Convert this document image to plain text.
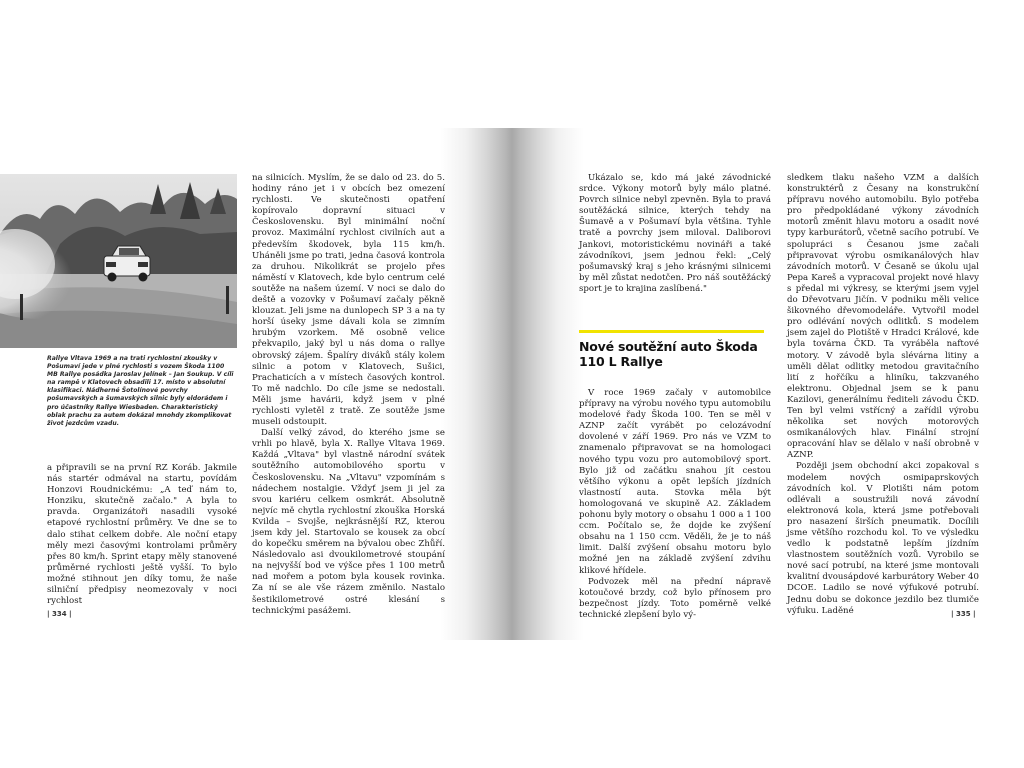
Rallye Vltava 1969 a na trati rychlostní zkoušky v Pošumaví jede v plné rychlosti s vozem Škoda 1100 MB Rallye posádka Jaroslav Jelínek – Jan Soukup. V cíli na rampě v Klatovech obsadili 17. místo v absolutní klasifikaci. Nádherné Šotolínové povrchy pošumavských a šumavských silnic byly eldorádem i pro účastníky Rallye Wiesbaden. Charakteristický oblak prachu za autem dokázal mnohdy zkomplikovat život jezdcům vzadu.

a připravili se na první RZ Koráb. Jakmile nás startér odmával na startu, povídám Honzovi Roudnickému: „A teď nám to, Honziku, skutečně začalo." A byla to pravda. Organizátoři nasadili vysoké etapové rychlostní průměry. Ve dne se to dalo stihat celkem dobře. Ale noční etapy měly mezi časovými kontrolami průměry přes 80 km/h. Sprint etapy měly stanovené průměrné rychlosti ještě vyšší. To bylo možné stihnout jen díky tomu, že naše silniční předpisy neomezovaly v noci rychlost

na silnicích. Myslím, že se dalo od 23. do 5. hodiny ráno jet i v obcích bez omezení rychlosti. Ve skutečnosti opatření kopírovalo dopravní situaci v Československu. Byl minimální noční provoz. Maximální rychlost civilních aut a především škodovek, byla 115 km/h. Uháněli jsme po trati, jedna časová kontrola za druhou. Nikolikrát se projelo přes náměstí v Klatovech, kde bylo centrum celé soutěže na našem území. V noci se dalo do deště a vozovky v Pošumaví začaly pěkně klouzat. Jeli jsme na dunlopech SP 3 a na ty horší úseky jsme dávali kola se zimním hrubým vzorkem. Mě osobně velice překvapilo, jaký byl u nás doma o rallye obrovský zájem. Špalíry diváků stály kolem silnic a potom v Klatovech, Sušici, Prachaticích a v místech časových kontrol. To mě nadchlo. Do cíle jsme se nedostali. Měli jsme havárii, když jsem v plné rychlosti vyletěl z tratě. Ze soutěže jsme museli odstoupit.

Další velký závod, do kterého jsme se vrhli po hlavě, byla X. Rallye Vltava 1969. Každá „Vltava" byl vlastně národní svátek soutěžního automobilového sportu v Československu. Na „Vltavu" vzpomínám s nádechem nostalgie. Vždyť jsem ji jel za svou kariéru celkem osmkrát. Absolutně nejvíc mě chytla rychlostní zkouška Horská Kvilda – Svojše, nejkrásnější RZ, kterou jsem kdy jel. Startovalo se kousek za obcí do kopečku směrem na bývalou obec Zhůří. Následovalo asi dvoukilometrové stoupání na nejvyšší bod ve výšce přes 1 100 metrů nad mořem a potom byla kousek rovinka. Za ní se ale vše rázem změnilo. Nastalo šestikilometrové ostré klesání s technickými pasážemi.

| 334 |

Ukázalo se, kdo má jaké závodnické srdce. Výkony motorů byly málo platné. Povrch silnice nebyl zpevněn. Byla to pravá soutěžácká silnice, kterých tehdy na Šumavě a v Pošumaví byla většina. Tyhle tratě a povrchy jsem miloval. Daliborovi Jankovi, motoristickému novináři a také závodníkovi, jsem jednou řekl: „Celý pošumavský kraj s jeho krásnými silnicemi by měl zůstat nedotčen. Pro náš soutěžácký sport je to krajina zaslíbená."

Nové soutěžní auto Škoda 110 L Rallye

V roce 1969 začaly v automobilce přípravy na výrobu nového typu automobilu modelové řady Škoda 100. Ten se měl v AZNP začít vyrábět po celozávodní dovolené v září 1969. Pro nás ve VZM to znamenalo připravovat se na homologaci nového typu vozu pro automobilový sport. Bylo již od začátku snahou jít cestou většího výkonu a opět lepších jízdních vlastností auta. Stovka měla být homologovaná ve skupině A2. Základem pohonu byly motory o obsahu 1 000 a 1 100 ccm. Počítalo se, že dojde ke zvýšení obsahu na 1 150 ccm. Věděli, že je to náš limit. Další zvýšení obsahu motoru bylo možné jen na základě zvýšení zdvihu klikové hřídele.

Podvozek měl na přední nápravě kotoučové brzdy, což bylo přínosem pro bezpečnost jízdy. Toto poměrně velké technické zlepšení bylo vý-

sledkem tlaku našeho VZM a dalších konstruktérů z Česany na konstrukční přípravu nového automobilu. Bylo potřeba pro předpokládané výkony závodních motorů změnit hlavu motoru a osadit nové typy karburátorů, včetně sacího potrubí. Ve spolupráci s Česanou jsme začali připravovat výrobu osmikanálových hlav závodních motorů. V Česaně se úkolu ujal Pepa Kareš a vypracoval projekt nové hlavy s předal mi výkresy, se kterými jsem vyjel do Dřevotvaru Jičín. V podniku měli velice šikovného dřevomodeláře. Vytvořil model pro odlévání nových odlitků. S modelem jsem zajel do Plotiště v Hradci Králové, kde byla továrna ČKD. Ta vyráběla naftové motory. V závodě byla slévárna litiny a uměli dělat odlitky metodou gravitačního lití z hořčíku a hliníku, takzvaného elektronu. Objednal jsem se k panu Kazilovi, generálnímu řediteli závodu ČKD. Ten byl velmi vstřícný a zařídil výrobu několika set nových motorových osmikanálových hlav. Finální strojní opracování hlav se dělalo v naší obrobně v AZNP.

Později jsem obchodní akci zopakoval s modelem nových osmipaprskových závodních kol. V Plotišti nám potom odlévali a soustružili nová závodní elektronová kola, která jsme potřebovali pro nasazení širších pneumatik. Docílili jsme většího rozchodu kol. To ve výsledku vedlo k podstatně lepším jízdním vlastnostem soutěžních vozů. Vyrobilo se nové sací potrubí, na které jsme montovali kvalitní dvousápdové karburátory Weber 40 DCOE. Ladilo se nové výfukové potrubí. Jednu dobu se dokonce jezdilo bez tlumiče výfuku. Laděné	| 335 |
